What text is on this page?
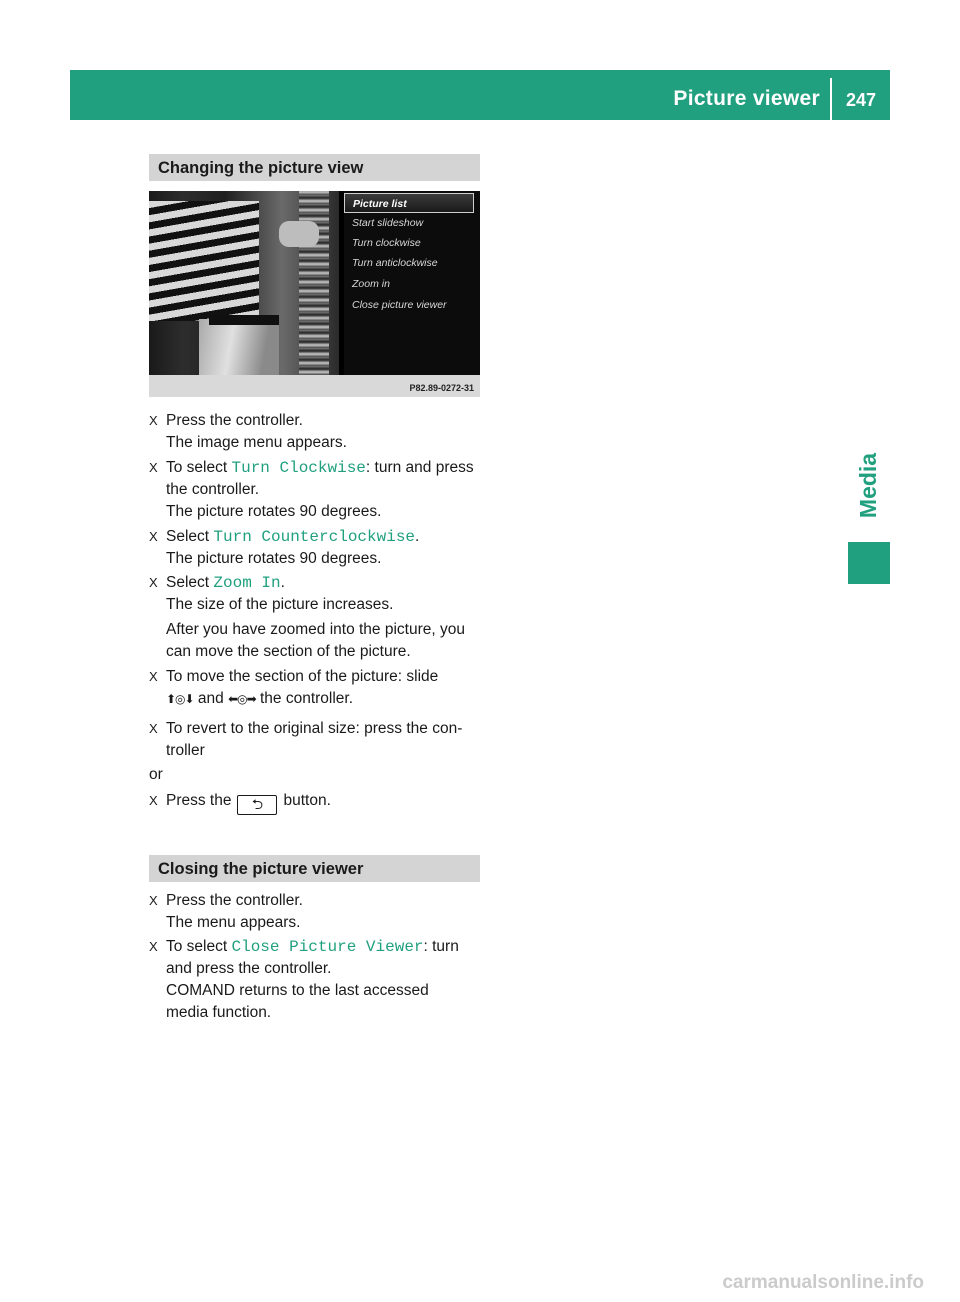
Picture viewer	247
Media
Changing the picture view
Picture list
Start slideshow
Turn clockwise
Turn anticlockwise
Zoom in
Close picture viewer
P82.89-0272-31
X Press the controller.
The image menu appears.
X To select Turn Clockwise: turn and press
the controller.
The picture rotates 90 degrees.
X Select Turn Counterclockwise.
The picture rotates 90 degrees.
X Select Zoom In.
The size of the picture increases.
After you have zoomed into the picture, you
can move the section of the picture.
X To move the section of the picture: slide
⬆◎⬇ and ⬅◎➡ the controller.
X To revert to the original size: press the con-
troller
or
X Press the ⮌ button.
Closing the picture viewer
X Press the controller.
The menu appears.
X To select Close Picture Viewer: turn
and press the controller.
COMAND returns to the last accessed
media function.
carmanualsonline.info
